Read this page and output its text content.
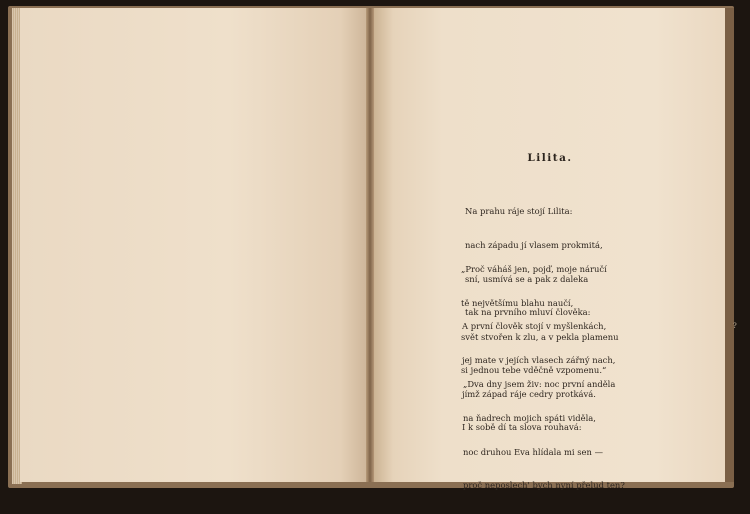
Lilita.

Na prahu ráje stojí Lilita:

nach západu jí vlasem prokmitá,

sní, usmívá se a pak z daleka

tak na prvního mluví člověka:

„Proč váháš jen, pojď, moje náručí

tě největšímu blahu naučí,

svět stvořen k zlu, a v pekla plamenu

si jednou tebe vděčně vzpomenu.“

A první člověk stojí v myšlenkách,

jej mate v jejích vlasech zářný nach,

jímž západ ráje cedry protkává.

I k sobě dí ta slova rouhavá:

„Dva dny jsem živ: noc první anděla

na ňadrech mojich spáti viděla,

noc druhou Eva hlídala mi sen —

proč neposlech' bych nyní přelud ten?

?
